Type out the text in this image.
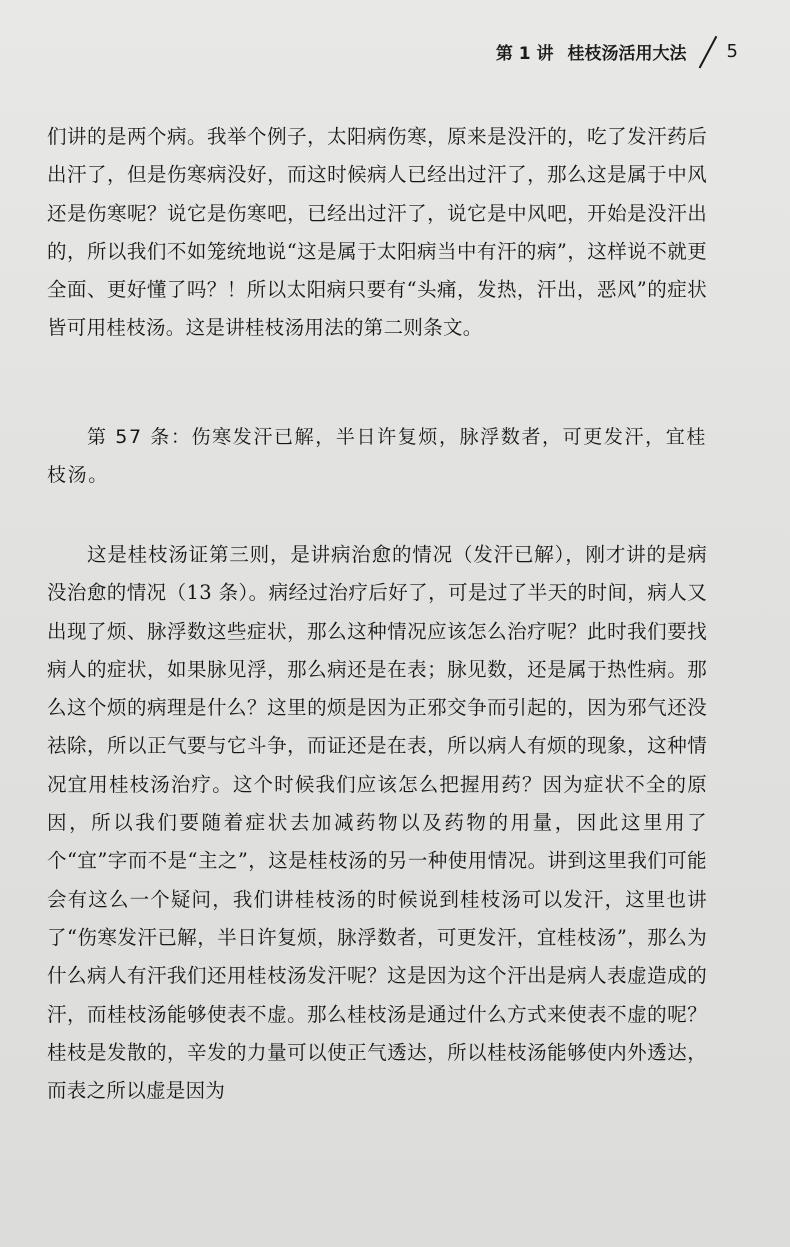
第 1 讲 桂枝汤活用大法 5

们讲的是两个病。我举个例子，太阳病伤寒，原来是没汗的，吃了发汗药后出汗了，但是伤寒病没好，而这时候病人已经出过汗了，那么这是属于中风还是伤寒呢？说它是伤寒吧，已经出过汗了，说它是中风吧，开始是没汗出的，所以我们不如笼统地说“这是属于太阳病当中有汗的病”，这样说不就更全面、更好懂了吗？！所以太阳病只要有“头痛，发热，汗出，恶风”的症状皆可用桂枝汤。这是讲桂枝汤用法的第二则条文。

第 57 条：伤寒发汗已解，半日许复烦，脉浮数者，可更发汗，宜桂枝汤。

这是桂枝汤证第三则，是讲病治愈的情况（发汗已解），刚才讲的是病没治愈的情况（13 条）。病经过治疗后好了，可是过了半天的时间，病人又出现了烦、脉浮数这些症状，那么这种情况应该怎么治疗呢？此时我们要找病人的症状，如果脉见浮，那么病还是在表；脉见数，还是属于热性病。那么这个烦的病理是什么？这里的烦是因为正邪交争而引起的，因为邪气还没祛除，所以正气要与它斗争，而证还是在表，所以病人有烦的现象，这种情况宜用桂枝汤治疗。这个时候我们应该怎么把握用药？因为症状不全的原因，所以我们要随着症状去加减药物以及药物的用量，因此这里用了个“宜”字而不是“主之”，这是桂枝汤的另一种使用情况。讲到这里我们可能会有这么一个疑问，我们讲桂枝汤的时候说到桂枝汤可以发汗，这里也讲了“伤寒发汗已解，半日许复烦，脉浮数者，可更发汗，宜桂枝汤”，那么为什么病人有汗我们还用桂枝汤发汗呢？这是因为这个汗出是病人表虚造成的汗，而桂枝汤能够使表不虚。那么桂枝汤是通过什么方式来使表不虚的呢？桂枝是发散的，辛发的力量可以使正气透达，所以桂枝汤能够使内外透达，而表之所以虚是因为
